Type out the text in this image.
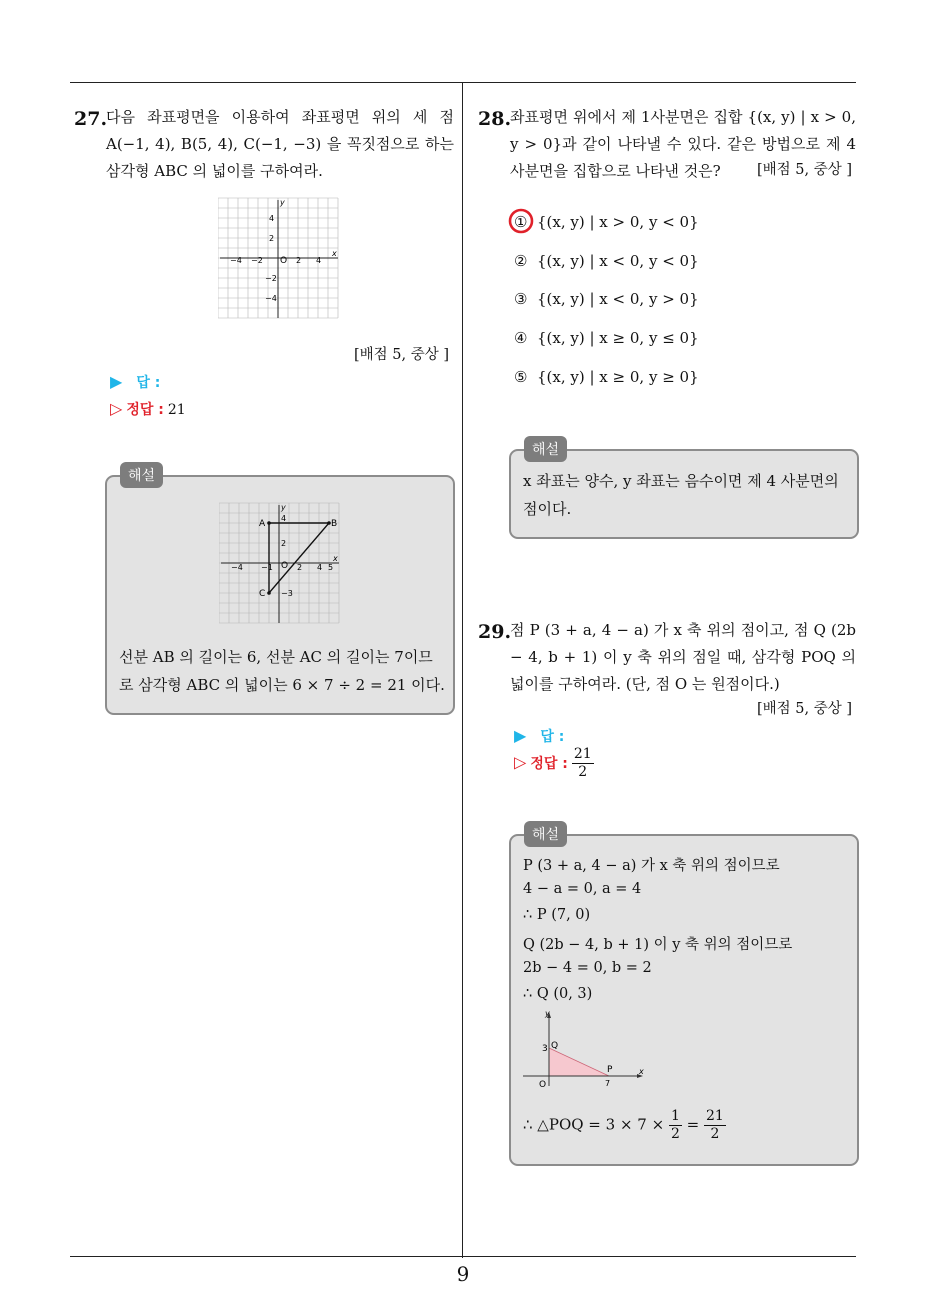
27.
다음 좌표평면을 이용하여 좌표평면 위의 세 점 A(−1, 4), B(5, 4), C(−1, −3) 을 꼭짓점으로 하는 삼각형 ABC 의 넓이를 구하여라.
y
x
O
−4 −2	2 4
4
2
−2
−4
[배점 5, 중상 ]
▶ 답 :
▷ 정답 : 21
y
x
O
A	B
C
4
2
−3
−4 −1	2 4 5
선분 AB 의 길이는 6, 선분 AC 의 길이는 7이므로 삼각형 ABC 의 넓이는 6 × 7 ÷ 2 = 21 이다.
해설
28.
좌표평면 위에서 제 1사분면은 집합 {(x, y) | x > 0, y > 0}과 같이 나타낼 수 있다. 같은 방법으로 제 4 사분면을 집합으로 나타낸 것은?	[배점 5, 중상 ]
① {(x, y) | x > 0, y < 0}
② {(x, y) | x < 0, y < 0}
③ {(x, y) | x < 0, y > 0}
④ {(x, y) | x ≥ 0, y ≤ 0}
⑤ {(x, y) | x ≥ 0, y ≥ 0}
x 좌표는 양수, y 좌표는 음수이면 제 4 사분면의 점이다.
해설
29.
점 P (3 + a, 4 − a) 가 x 축 위의 점이고, 점 Q (2b − 4, b + 1) 이 y 축 위의 점일 때, 삼각형 POQ 의 넓이를 구하여라. (단, 점 O 는 원점이다.)
[배점 5, 중상 ]
▶ 답 :
▷ 정답 : $\frac{21}{2}$
P (3 + a, 4 − a) 가 x 축 위의 점이므로
4 − a = 0, a = 4
∴ P (7, 0)
Q (2b − 4, b + 1) 이 y 축 위의 점이므로
2b − 4 = 0, b = 2
∴ Q (0, 3)
y
x
O
Q
3
P
7
∴ △POQ = $3 \times 7 \times \frac{1}{2} = \frac{21}{2}$
해설
9
